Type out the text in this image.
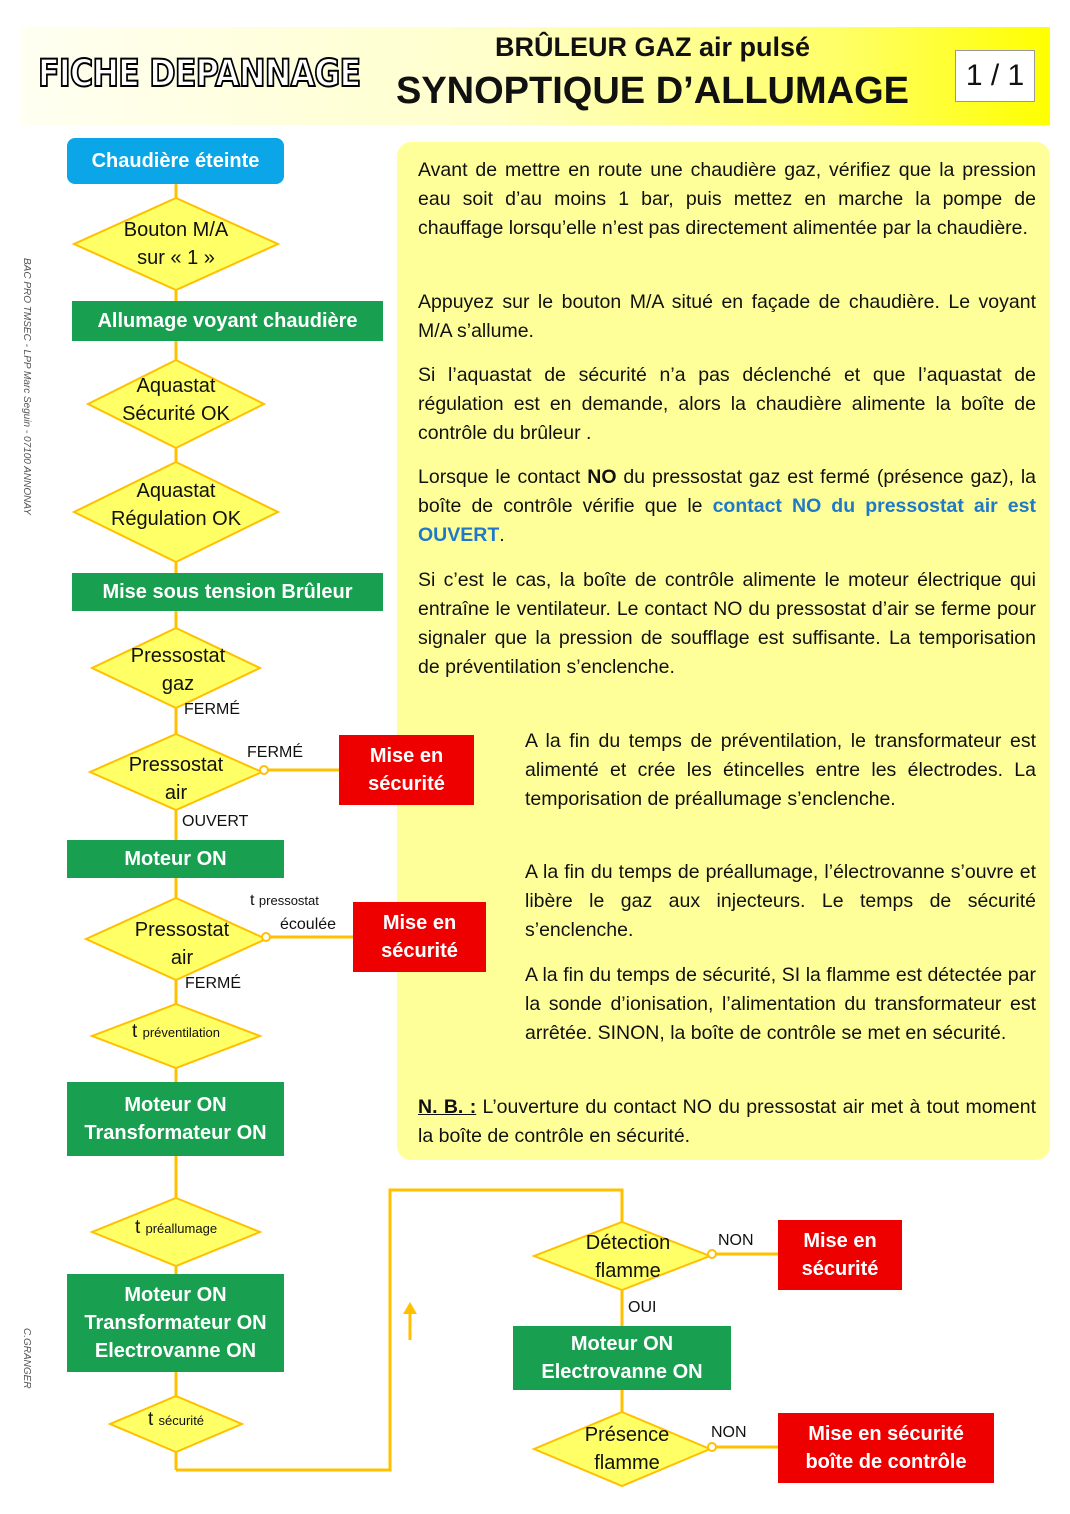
FICHE DEPANNAGE
BRÛLEUR GAZ air pulsé
SYNOPTIQUE D’ALLUMAGE	1 / 1
BAC PRO TMSEC - LPP Marc Seguin - 07100 ANNONAY
C.GRANGER
Avant de mettre en route une chaudière gaz, vérifiez que la pression eau soit d’au moins 1 bar, puis mettez en marche la pompe de chauffage lorsqu’elle n’est pas directement alimentée par la chaudière.
Appuyez sur le bouton M/A situé en façade de chaudière. Le voyant M/A s’allume.
Si l’aquastat de sécurité n’a pas déclenché et que l’aquastat de régulation est en demande, alors la chaudière alimente la boîte de contrôle du brûleur .
Lorsque le contact NO du pressostat gaz est fermé (présence gaz), la boîte de contrôle vérifie que le contact NO du pressostat air est OUVERT.
Si c’est le cas, la boîte de contrôle alimente le moteur électrique qui entraîne le ventilateur. Le contact NO du pressostat d’air se ferme pour signaler que la pression de soufflage est suffisante. La temporisation de préventilation s’enclenche.
A la fin du temps de préventilation, le transformateur est alimenté et crée les étincelles entre les électrodes. La temporisation de préallumage s’enclenche.
A la fin du temps de préallumage, l’électrovanne s’ouvre et libère le gaz aux injecteurs. Le temps de sécurité s’enclenche.
A la fin du temps de sécurité, SI la flamme est détectée par la sonde d’ionisation, l’alimentation du transformateur est arrêtée. SINON, la boîte de contrôle se met en sécurité.
N. B. : L’ouverture du contact NO du pressostat air met à tout moment la boîte de contrôle en sécurité.
Chaudière éteinte
Bouton M/A
sur « 1 »
Allumage voyant chaudière
Aquastat
Sécurité OK
Aquastat
Régulation OK
Mise sous tension Brûleur
Pressostat
gaz
FERMÉ
Pressostat
air
FERMÉ
OUVERT
Mise en
sécurité
Moteur ON
Pressostat
air
t pressostat
écoulée
FERMÉ
Mise en
sécurité
t préventilation
Moteur ON
Transformateur ON
t préallumage
Moteur ON
Transformateur ON
Electrovanne ON
t sécurité
Détection
flamme
NON
OUI
Mise en
sécurité
Moteur ON
Electrovanne ON
Présence
flamme
NON	Mise en sécurité
boîte de contrôle
